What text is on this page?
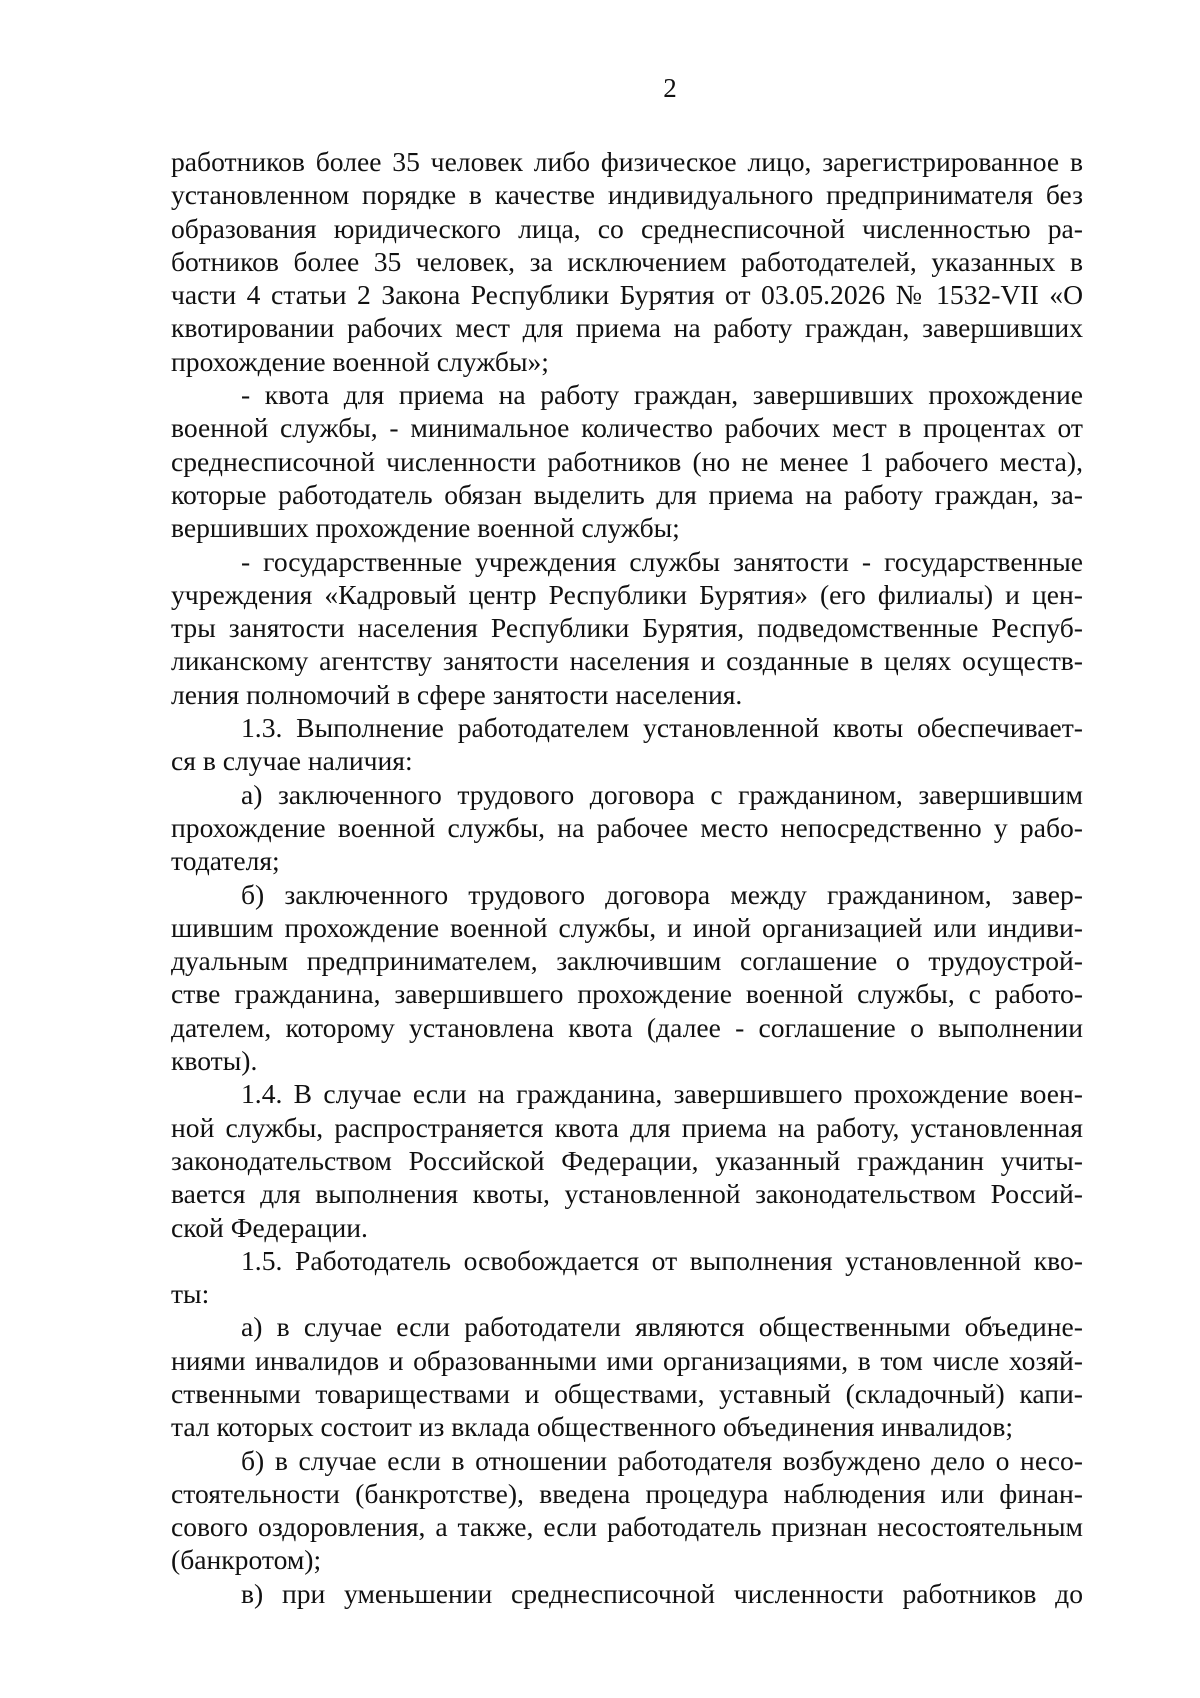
2
работников более 35 человек либо физическое лицо, зарегистрированное в
установленном порядке в качестве индивидуального предпринимателя без
образования юридического лица, со среднесписочной численностью ра-
ботников более 35 человек, за исключением работодателей, указанных в
части 4 статьи 2 Закона Республики Бурятия от 03.05.2026 № 1532-VII «О
квотировании рабочих мест для приема на работу граждан, завершивших
прохождение военной службы»;
- квота для приема на работу граждан, завершивших прохождение
военной службы, - минимальное количество рабочих мест в процентах от
среднесписочной численности работников (но не менее 1 рабочего места),
которые работодатель обязан выделить для приема на работу граждан, за-
вершивших прохождение военной службы;
- государственные учреждения службы занятости - государственные
учреждения «Кадровый центр Республики Бурятия» (его филиалы) и цен-
тры занятости населения Республики Бурятия, подведомственные Респуб-
ликанскому агентству занятости населения и созданные в целях осуществ-
ления полномочий в сфере занятости населения.
1.3. Выполнение работодателем установленной квоты обеспечивает-
ся в случае наличия:
а) заключенного трудового договора с гражданином, завершившим
прохождение военной службы, на рабочее место непосредственно у рабо-
тодателя;
б) заключенного трудового договора между гражданином, завер-
шившим прохождение военной службы, и иной организацией или индиви-
дуальным предпринимателем, заключившим соглашение о трудоустрой-
стве гражданина, завершившего прохождение военной службы, с работо-
дателем, которому установлена квота (далее - соглашение о выполнении
квоты).
1.4. В случае если на гражданина, завершившего прохождение воен-
ной службы, распространяется квота для приема на работу, установленная
законодательством Российской Федерации, указанный гражданин учиты-
вается для выполнения квоты, установленной законодательством Россий-
ской Федерации.
1.5. Работодатель освобождается от выполнения установленной кво-
ты:
а) в случае если работодатели являются общественными объедине-
ниями инвалидов и образованными ими организациями, в том числе хозяй-
ственными товариществами и обществами, уставный (складочный) капи-
тал которых состоит из вклада общественного объединения инвалидов;
б) в случае если в отношении работодателя возбуждено дело о несо-
стоятельности (банкротстве), введена процедура наблюдения или финан-
сового оздоровления, а также, если работодатель признан несостоятельным
(банкротом);
в) при уменьшении среднесписочной численности работников до
